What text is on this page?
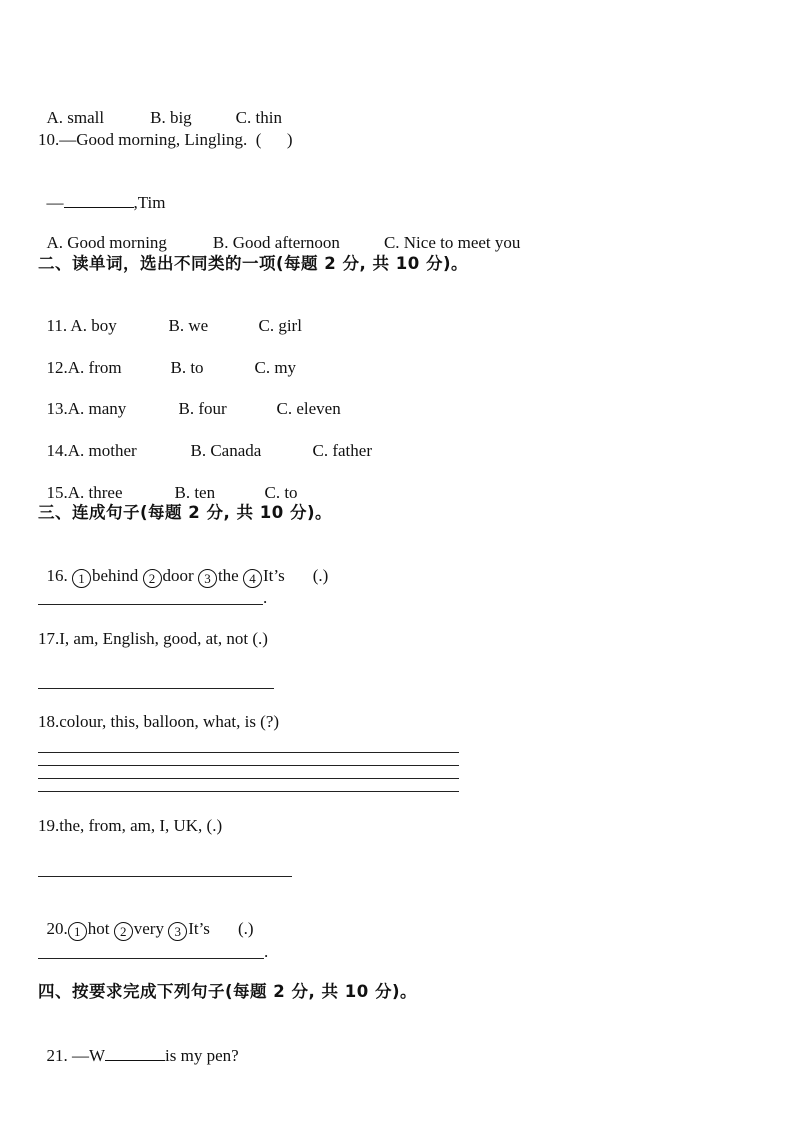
A. small	B. big	C. thin

10.—Good morning, Lingling.  (      )

—	,Tim

A. Good morning	B. Good afternoon	C. Nice to meet you

二、读单词，选出不同类的一项(每题 2 分, 共 10 分)。

11. A. boy	B. we	C. girl

12.A. from	B. to	C. my

13.A. many	B. four	C. eleven

14.A. mother	B. Canada	C. father

15.A. three	B. ten	C. to

三、连成句子(每题 2 分, 共 10 分)。

16. 1 behind 2 door 3 the 4 It’s (.)

.
17.I, am, English, good, at, not (.)
18.colour, this, balloon, what, is (?)
19.the, from, am, I, UK, (.)

20. 1 hot 2 very 3 It’s (.)

.
四、按要求完成下列句子(每题 2 分, 共 10 分)。

21. —W	is my pen?
